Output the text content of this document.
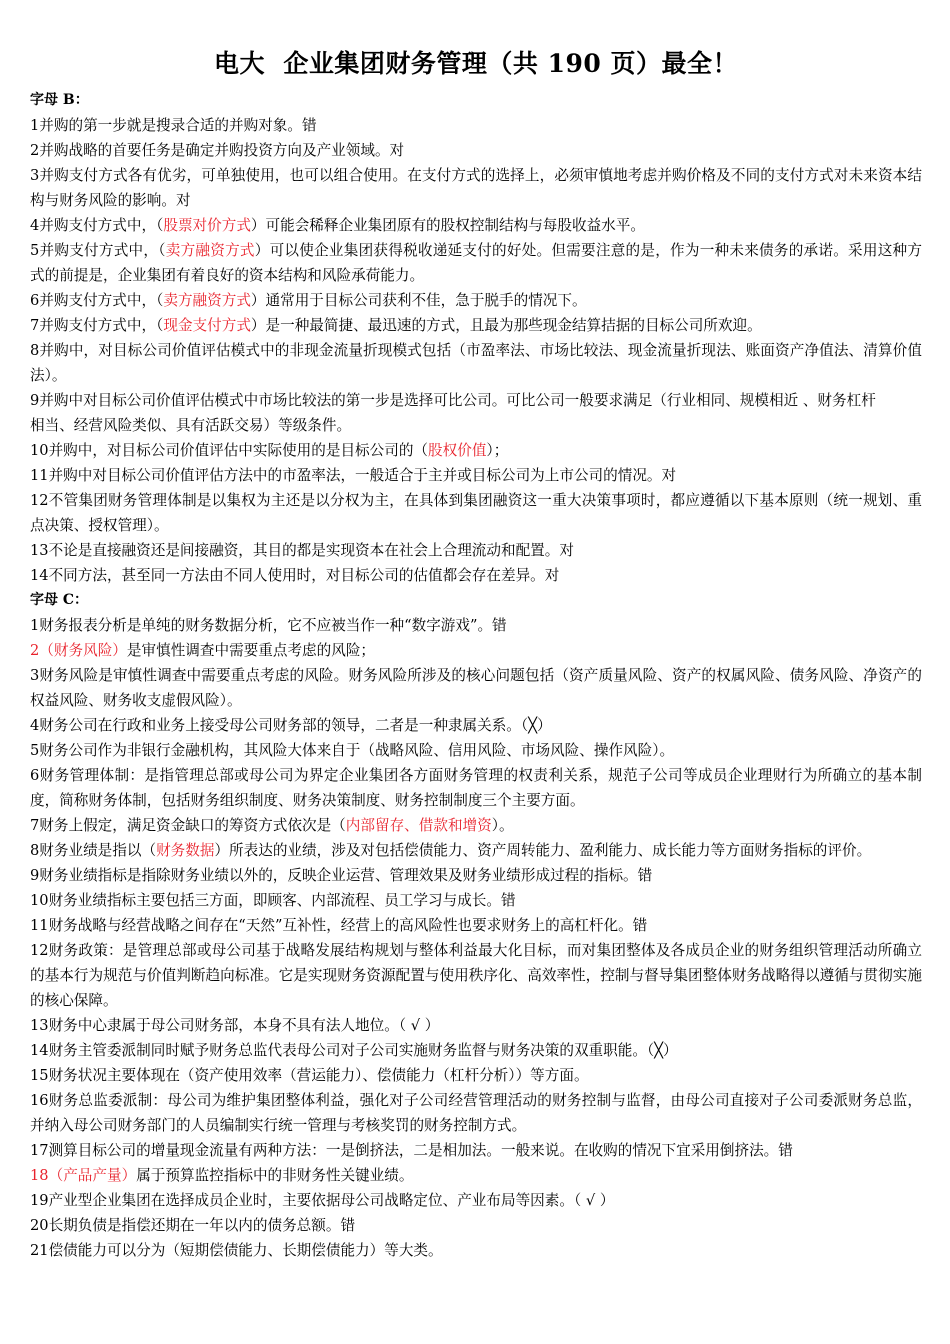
电大  企业集团财务管理（共 190 页）最全！
字母 B：
1并购的第一步就是搜录合适的并购对象。错
2并购战略的首要任务是确定并购投资方向及产业领域。对
3并购支付方式各有优劣，可单独使用，也可以组合使用。在支付方式的选择上，必须审慎地考虑并购价格及不同的支付方式对未来资本结构与财务风险的影响。对
4并购支付方式中，（股票对价方式）可能会稀释企业集团原有的股权控制结构与每股收益水平。
5并购支付方式中，（卖方融资方式）可以使企业集团获得税收递延支付的好处。但需要注意的是，作为一种未来债务的承诺。采用这种方式的前提是，企业集团有着良好的资本结构和风险承荷能力。
6并购支付方式中，（卖方融资方式）通常用于目标公司获利不佳，急于脱手的情况下。
7并购支付方式中，（现金支付方式）是一种最简捷、最迅速的方式，且最为那些现金结算拮据的目标公司所欢迎。
8并购中，对目标公司价值评估模式中的非现金流量折现模式包括（市盈率法、市场比较法、现金流量折现法、账面资产净值法、清算价值法）。
9并购中对目标公司价值评估模式中市场比较法的第一步是选择可比公司。可比公司一般要求满足（行业相同、规模相近 、财务杠杆
相当、经营风险类似、具有活跃交易）等级条件。
10并购中，对目标公司价值评估中实际使用的是目标公司的（股权价值）；
11并购中对目标公司价值评估方法中的市盈率法，一般适合于主并或目标公司为上市公司的情况。对
12不管集团财务管理体制是以集权为主还是以分权为主，在具体到集团融资这一重大决策事项时，都应遵循以下基本原则（统一规划、重点决策、授权管理）。
13不论是直接融资还是间接融资，其目的都是实现资本在社会上合理流动和配置。对
14不同方法，甚至同一方法由不同人使用时，对目标公司的估值都会存在差异。对
字母 C：
1财务报表分析是单纯的财务数据分析，它不应被当作一种“数字游戏”。错
2（财务风险）是审慎性调查中需要重点考虑的风险；
3财务风险是审慎性调查中需要重点考虑的风险。财务风险所涉及的核心问题包括（资产质量风险、资产的权属风险、债务风险、净资产的权益风险、财务收支虚假风险）。
4财务公司在行政和业务上接受母公司财务部的领导，二者是一种隶属关系。（╳）
5财务公司作为非银行金融机构，其风险大体来自于（战略风险、信用风险、市场风险、操作风险）。
6财务管理体制：是指管理总部或母公司为界定企业集团各方面财务管理的权责利关系，规范子公司等成员企业理财行为所确立的基本制度，简称财务体制，包括财务组织制度、财务决策制度、财务控制制度三个主要方面。
7财务上假定，满足资金缺口的筹资方式依次是（内部留存、借款和增资）。
8财务业绩是指以（财务数据）所表达的业绩，涉及对包括偿债能力、资产周转能力、盈利能力、成长能力等方面财务指标的评价。
9财务业绩指标是指除财务业绩以外的，反映企业运营、管理效果及财务业绩形成过程的指标。错
10财务业绩指标主要包括三方面，即顾客、内部流程、员工学习与成长。错
11财务战略与经营战略之间存在“天然”互补性，经营上的高风险性也要求财务上的高杠杆化。错
12财务政策：是管理总部或母公司基于战略发展结构规划与整体利益最大化目标，而对集团整体及各成员企业的财务组织管理活动所确立的基本行为规范与价值判断趋向标准。它是实现财务资源配置与使用秩序化、高效率性，控制与督导集团整体财务战略得以遵循与贯彻实施的核心保障。
13财务中心隶属于母公司财务部，本身不具有法人地位。（ √ ）
14财务主管委派制同时赋予财务总监代表母公司对子公司实施财务监督与财务决策的双重职能。（╳）
15财务状况主要体现在（资产使用效率（营运能力）、偿债能力（杠杆分析））等方面。
16财务总监委派制：母公司为维护集团整体利益，强化对子公司经营管理活动的财务控制与监督，由母公司直接对子公司委派财务总监，并纳入母公司财务部门的人员编制实行统一管理与考核奖罚的财务控制方式。
17测算目标公司的增量现金流量有两种方法：一是倒挤法，二是相加法。一般来说。在收购的情况下宜采用倒挤法。错
18（产品产量）属于预算监控指标中的非财务性关键业绩。
19产业型企业集团在选择成员企业时，主要依据母公司战略定位、产业布局等因素。（ √ ）
20长期负债是指偿还期在一年以内的债务总额。错
21偿债能力可以分为（短期偿债能力、长期偿债能力）等大类。
